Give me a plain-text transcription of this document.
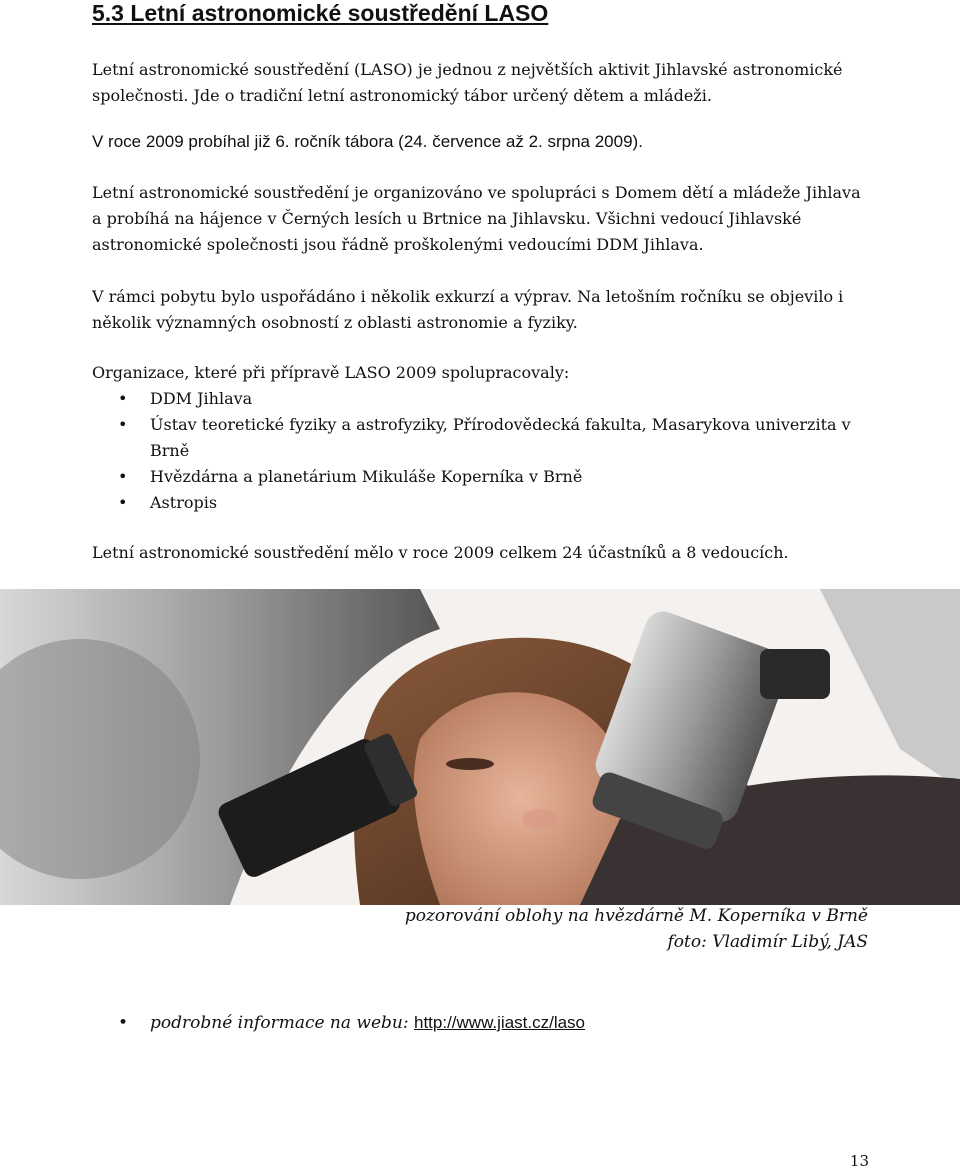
5.3 Letní astronomické soustředění LASO

Letní astronomické soustředění (LASO) je jednou z největších aktivit Jihlavské astronomické společnosti. Jde o tradiční letní astronomický tábor určený dětem a mládeži.

V roce 2009 probíhal již 6. ročník tábora (24. července až 2. srpna 2009).

Letní astronomické soustředění je organizováno ve spolupráci s Domem dětí a mládeže Jihlava a probíhá na hájence v Černých lesích u Brtnice na Jihlavsku. Všichni vedoucí Jihlavské astronomické společnosti jsou řádně proškolenými vedoucími DDM Jihlava.

V rámci pobytu bylo uspořádáno i několik exkurzí a výprav. Na letošním ročníku se objevilo i několik významných osobností z oblasti astronomie a fyziky.

Organizace, které při přípravě LASO 2009 spolupracovaly:

• DDM Jihlava
• Ústav teoretické fyziky a astrofyziky, Přírodovědecká fakulta, Masarykova univerzita v Brně
• Hvězdárna a planetárium Mikuláše Koperníka v Brně
• Astropis

Letní astronomické soustředění mělo v roce 2009 celkem 24 účastníků a 8 vedoucích.

pozorování oblohy na hvězdárně M. Koperníka v Brně

foto: Vladimír Libý, JAS

• podrobné informace na webu: http://www.jiast.cz/laso
13
